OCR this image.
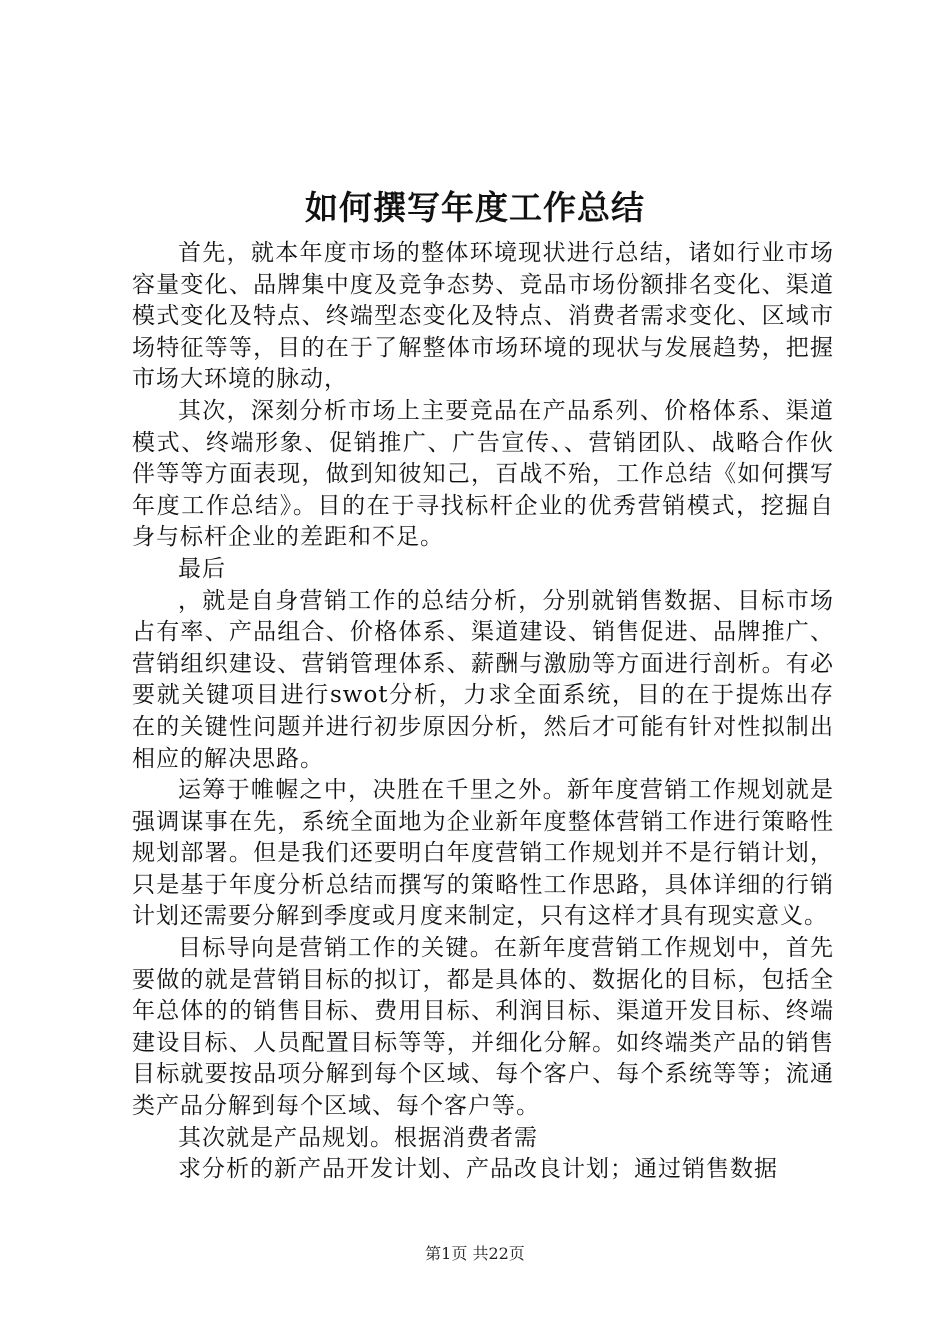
如何撰写年度工作总结

首先，就本年度市场的整体环境现状进行总结，诸如行业市场容量变化、品牌集中度及竞争态势、竞品市场份额排名变化、渠道模式变化及特点、终端型态变化及特点、消费者需求变化、区域市场特征等等，目的在于了解整体市场环境的现状与发展趋势，把握市场大环境的脉动，

其次，深刻分析市场上主要竞品在产品系列、价格体系、渠道模式、终端形象、促销推广、广告宣传、、营销团队、战略合作伙伴等等方面表现，做到知彼知己，百战不殆，工作总结《如何撰写年度工作总结》。目的在于寻找标杆企业的优秀营销模式，挖掘自身与标杆企业的差距和不足。

最后

，就是自身营销工作的总结分析，分别就销售数据、目标市场占有率、产品组合、价格体系、渠道建设、销售促进、品牌推广、营销组织建设、营销管理体系、薪酬与激励等方面进行剖析。有必要就关键项目进行swot分析，力求全面系统，目的在于提炼出存在的关键性问题并进行初步原因分析，然后才可能有针对性拟制出相应的解决思路。

运筹于帷幄之中，决胜在千里之外。新年度营销工作规划就是强调谋事在先，系统全面地为企业新年度整体营销工作进行策略性规划部署。但是我们还要明白年度营销工作规划并不是行销计划，只是基于年度分析总结而撰写的策略性工作思路，具体详细的行销计划还需要分解到季度或月度来制定，只有这样才具有现实意义。

目标导向是营销工作的关键。在新年度营销工作规划中，首先要做的就是营销目标的拟订，都是具体的、数据化的目标，包括全年总体的的销售目标、费用目标、利润目标、渠道开发目标、终端建设目标、人员配置目标等等，并细化分解。如终端类产品的销售目标就要按品项分解到每个区域、每个客户、每个系统等等；流通类产品分解到每个区域、每个客户等。

其次就是产品规划。根据消费者需

求分析的新产品开发计划、产品改良计划；通过销售数据

第1页 共22页
